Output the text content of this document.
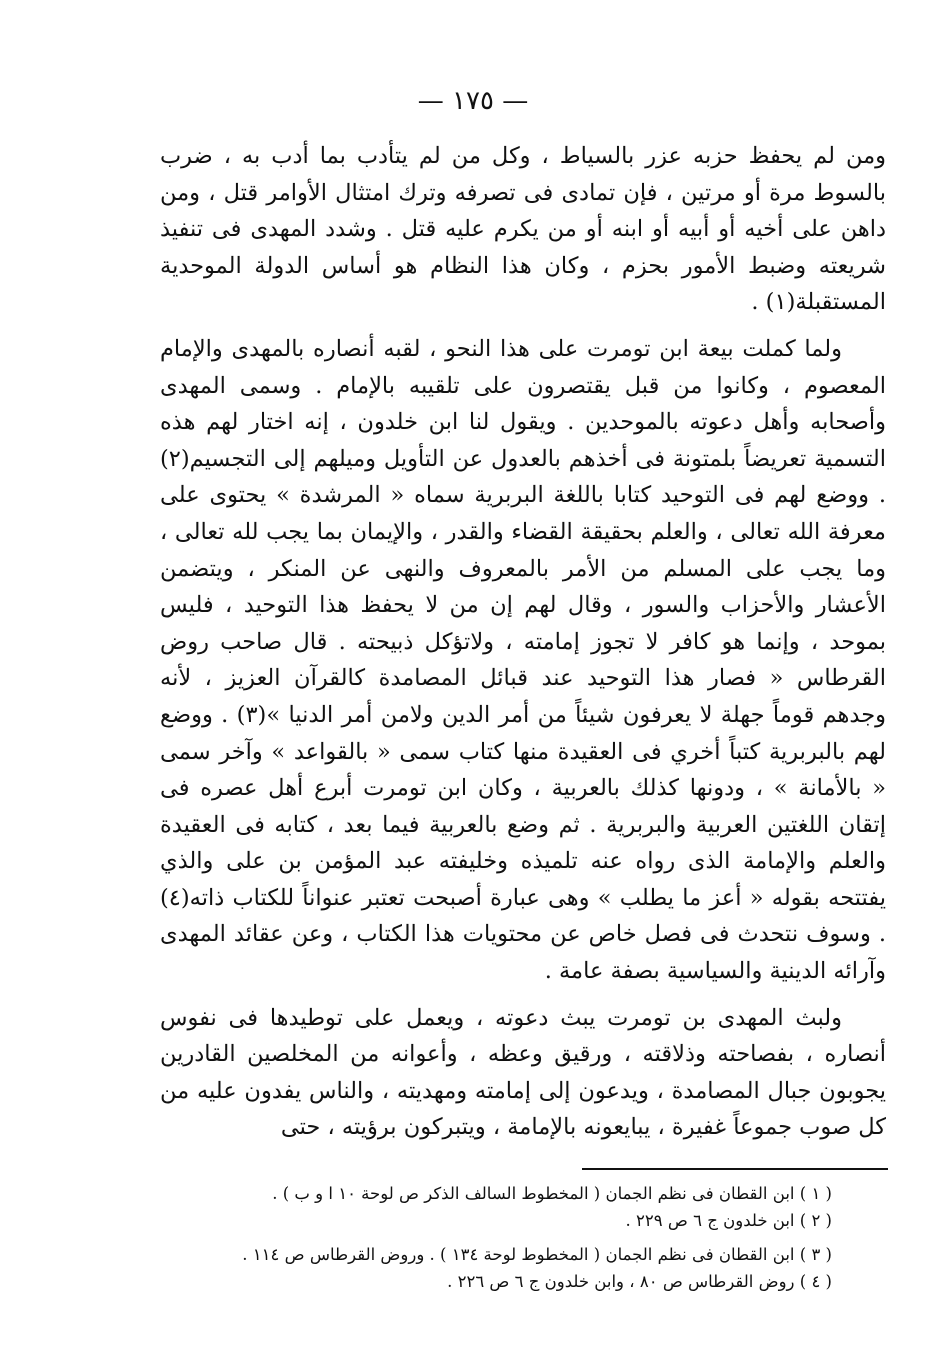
— ١٧٥ —

ومن لم يحفظ حزبه عزر بالسياط ، وكل من لم يتأدب بما أدب به ، ضرب بالسوط مرة أو مرتين ، فإن تمادى فى تصرفه وترك امتثال الأوامر قتل ، ومن داهن على أخيه أو أبيه أو ابنه أو من يكرم عليه قتل . وشدد المهدى فى تنفيذ شريعته وضبط الأمور بحزم ، وكان هذا النظام هو أساس الدولة الموحدية المستقبلة(١) .

ولما كملت بيعة ابن تومرت على هذا النحو ، لقبه أنصاره بالمهدى والإمام المعصوم ، وكانوا من قبل يقتصرون على تلقيبه بالإمام . وسمى المهدى وأصحابه وأهل دعوته بالموحدين . ويقول لنا ابن خلدون ، إنه اختار لهم هذه التسمية تعريضاً بلمتونة فى أخذهم بالعدول عن التأويل وميلهم إلى التجسيم(٢) . ووضع لهم فى التوحيد كتابا باللغة البربرية سماه « المرشدة » يحتوى على معرفة الله تعالى ، والعلم بحقيقة القضاء والقدر ، والإيمان بما يجب لله تعالى ، وما يجب على المسلم من الأمر بالمعروف والنهى عن المنكر ، ويتضمن الأعشار والأحزاب والسور ، وقال لهم إن من لا يحفظ هذا التوحيد ، فليس بموحد ، وإنما هو كافر لا تجوز إمامته ، ولاتؤكل ذبيحته . قال صاحب روض القرطاس « فصار هذا التوحيد عند قبائل المصامدة كالقرآن العزيز ، لأنه وجدهم قوماً جهلة لا يعرفون شيئاً من أمر الدين ولامن أمر الدنيا »(٣) . ووضع لهم بالبربرية كتباً أخري فى العقيدة منها كتاب سمى « بالقواعد » وآخر سمى « بالأمانة » ، ودونها كذلك بالعربية ، وكان ابن تومرت أبرع أهل عصره فى إتقان اللغتين العربية والبربرية . ثم وضع بالعربية فيما بعد ، كتابه فى العقيدة والعلم والإمامة الذى رواه عنه تلميذه وخليفته عبد المؤمن بن على والذي يفتتحه بقوله « أعز ما يطلب » وهى عبارة أصبحت تعتبر عنواناً للكتاب ذاته(٤) . وسوف نتحدث فى فصل خاص عن محتويات هذا الكتاب ، وعن عقائد المهدى وآرائه الدينية والسياسية بصفة عامة .

ولبث المهدى بن تومرت يبث دعوته ، ويعمل على توطيدها فى نفوس أنصاره ، بفصاحته وذلاقته ، ورقيق وعظه ، وأعوانه من المخلصين القادرين يجوبون جبال المصامدة ، ويدعون إلى إمامته ومهديته ، والناس يفدون عليه من كل صوب جموعاً غفيرة ، يبايعونه بالإمامة ، ويتبركون برؤيته ، حتى

( ١ ) ابن القطان فى نظم الجمان ( المخطوط السالف الذكر ص لوحة ١٠ ا و ب ) .
( ٢ ) ابن خلدون ج ٦ ص ٢٢٩ .
( ٣ ) ابن القطان فى نظم الجمان ( المخطوط لوحة ١٣٤ ) . وروض القرطاس ص ١١٤ .
( ٤ ) روض القرطاس ص ٨٠ ، وابن خلدون ج ٦ ص ٢٢٦ .
